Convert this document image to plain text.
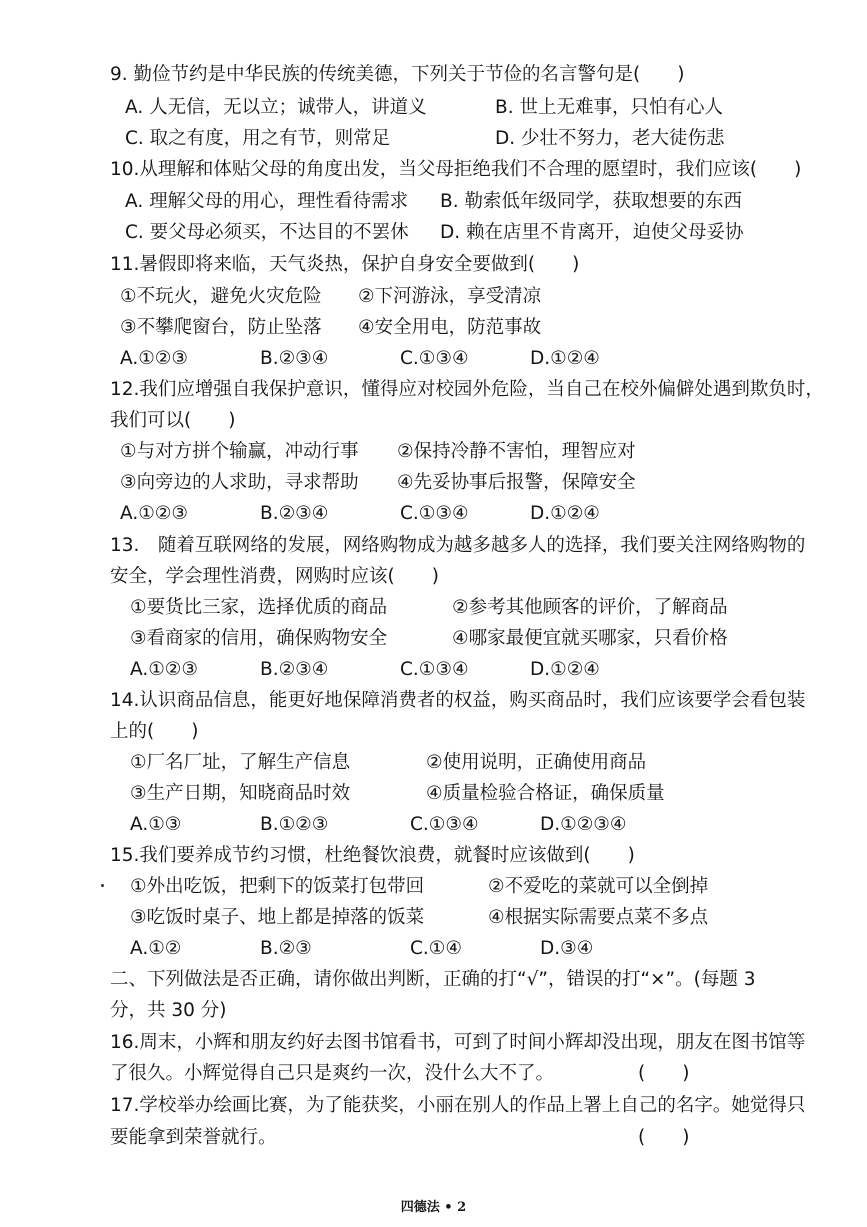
9. 勤俭节约是中华民族的传统美德，下列关于节俭的名言警句是(　　)
A. 人无信，无以立；诚带人，讲道义	B. 世上无难事，只怕有心人
C. 取之有度，用之有节，则常足	D. 少壮不努力，老大徒伤悲
10.从理解和体贴父母的角度出发，当父母拒绝我们不合理的愿望时，我们应该(　　)
A. 理解父母的用心，理性看待需求 B. 勒索低年级同学，获取想要的东西
C. 要父母必须买，不达目的不罢休 D. 赖在店里不肯离开，迫使父母妥协
11.暑假即将来临，天气炎热，保护自身安全要做到(　　)
①不玩火，避免火灾危险 ②下河游泳，享受清凉
③不攀爬窗台，防止坠落 ④安全用电，防范事故
A.①②③	B.②③④	C.①③④	D.①②④
12.我们应增强自我保护意识，懂得应对校园外危险，当自己在校外偏僻处遇到欺负时，
我们可以(　　)
①与对方拼个输赢，冲动行事 ②保持冷静不害怕，理智应对
③向旁边的人求助，寻求帮助 ④先妥协事后报警，保障安全
A.①②③	B.②③④	C.①③④	D.①②④
13.　随着互联网络的发展，网络购物成为越多越多人的选择，我们要关注网络购物的
安全，学会理性消费，网购时应该(　　)
①要货比三家，选择优质的商品	②参考其他顾客的评价，了解商品
③看商家的信用，确保购物安全	④哪家最便宜就买哪家，只看价格
A.①②③	B.②③④	C.①③④	D.①②④
14.认识商品信息，能更好地保障消费者的权益，购买商品时，我们应该要学会看包装
上的(　　)
①厂名厂址，了解生产信息	②使用说明，正确使用商品
③生产日期，知晓商品时效	④质量检验合格证，确保质量
A.①③	B.①②③	C.①③④	D.①②③④
15.我们要养成节约习惯，杜绝餐饮浪费，就餐时应该做到(　　)
①外出吃饭，把剩下的饭菜打包带回	②不爱吃的菜就可以全倒掉
③吃饭时桌子、地上都是掉落的饭菜	④根据实际需要点菜不多点
A.①②	B.②③	C.①④	D.③④
二、下列做法是否正确，请你做出判断，正确的打“√”，错误的打“×”。(每题 3
分，共 30 分)
16.周末，小辉和朋友约好去图书馆看书，可到了时间小辉却没出现，朋友在图书馆等
了很久。小辉觉得自己只是爽约一次，没什么大不了。	(　　)
17.学校举办绘画比赛，为了能获奖，小丽在别人的作品上署上自己的名字。她觉得只
要能拿到荣誉就行。	(　　)
四德法 • 2
